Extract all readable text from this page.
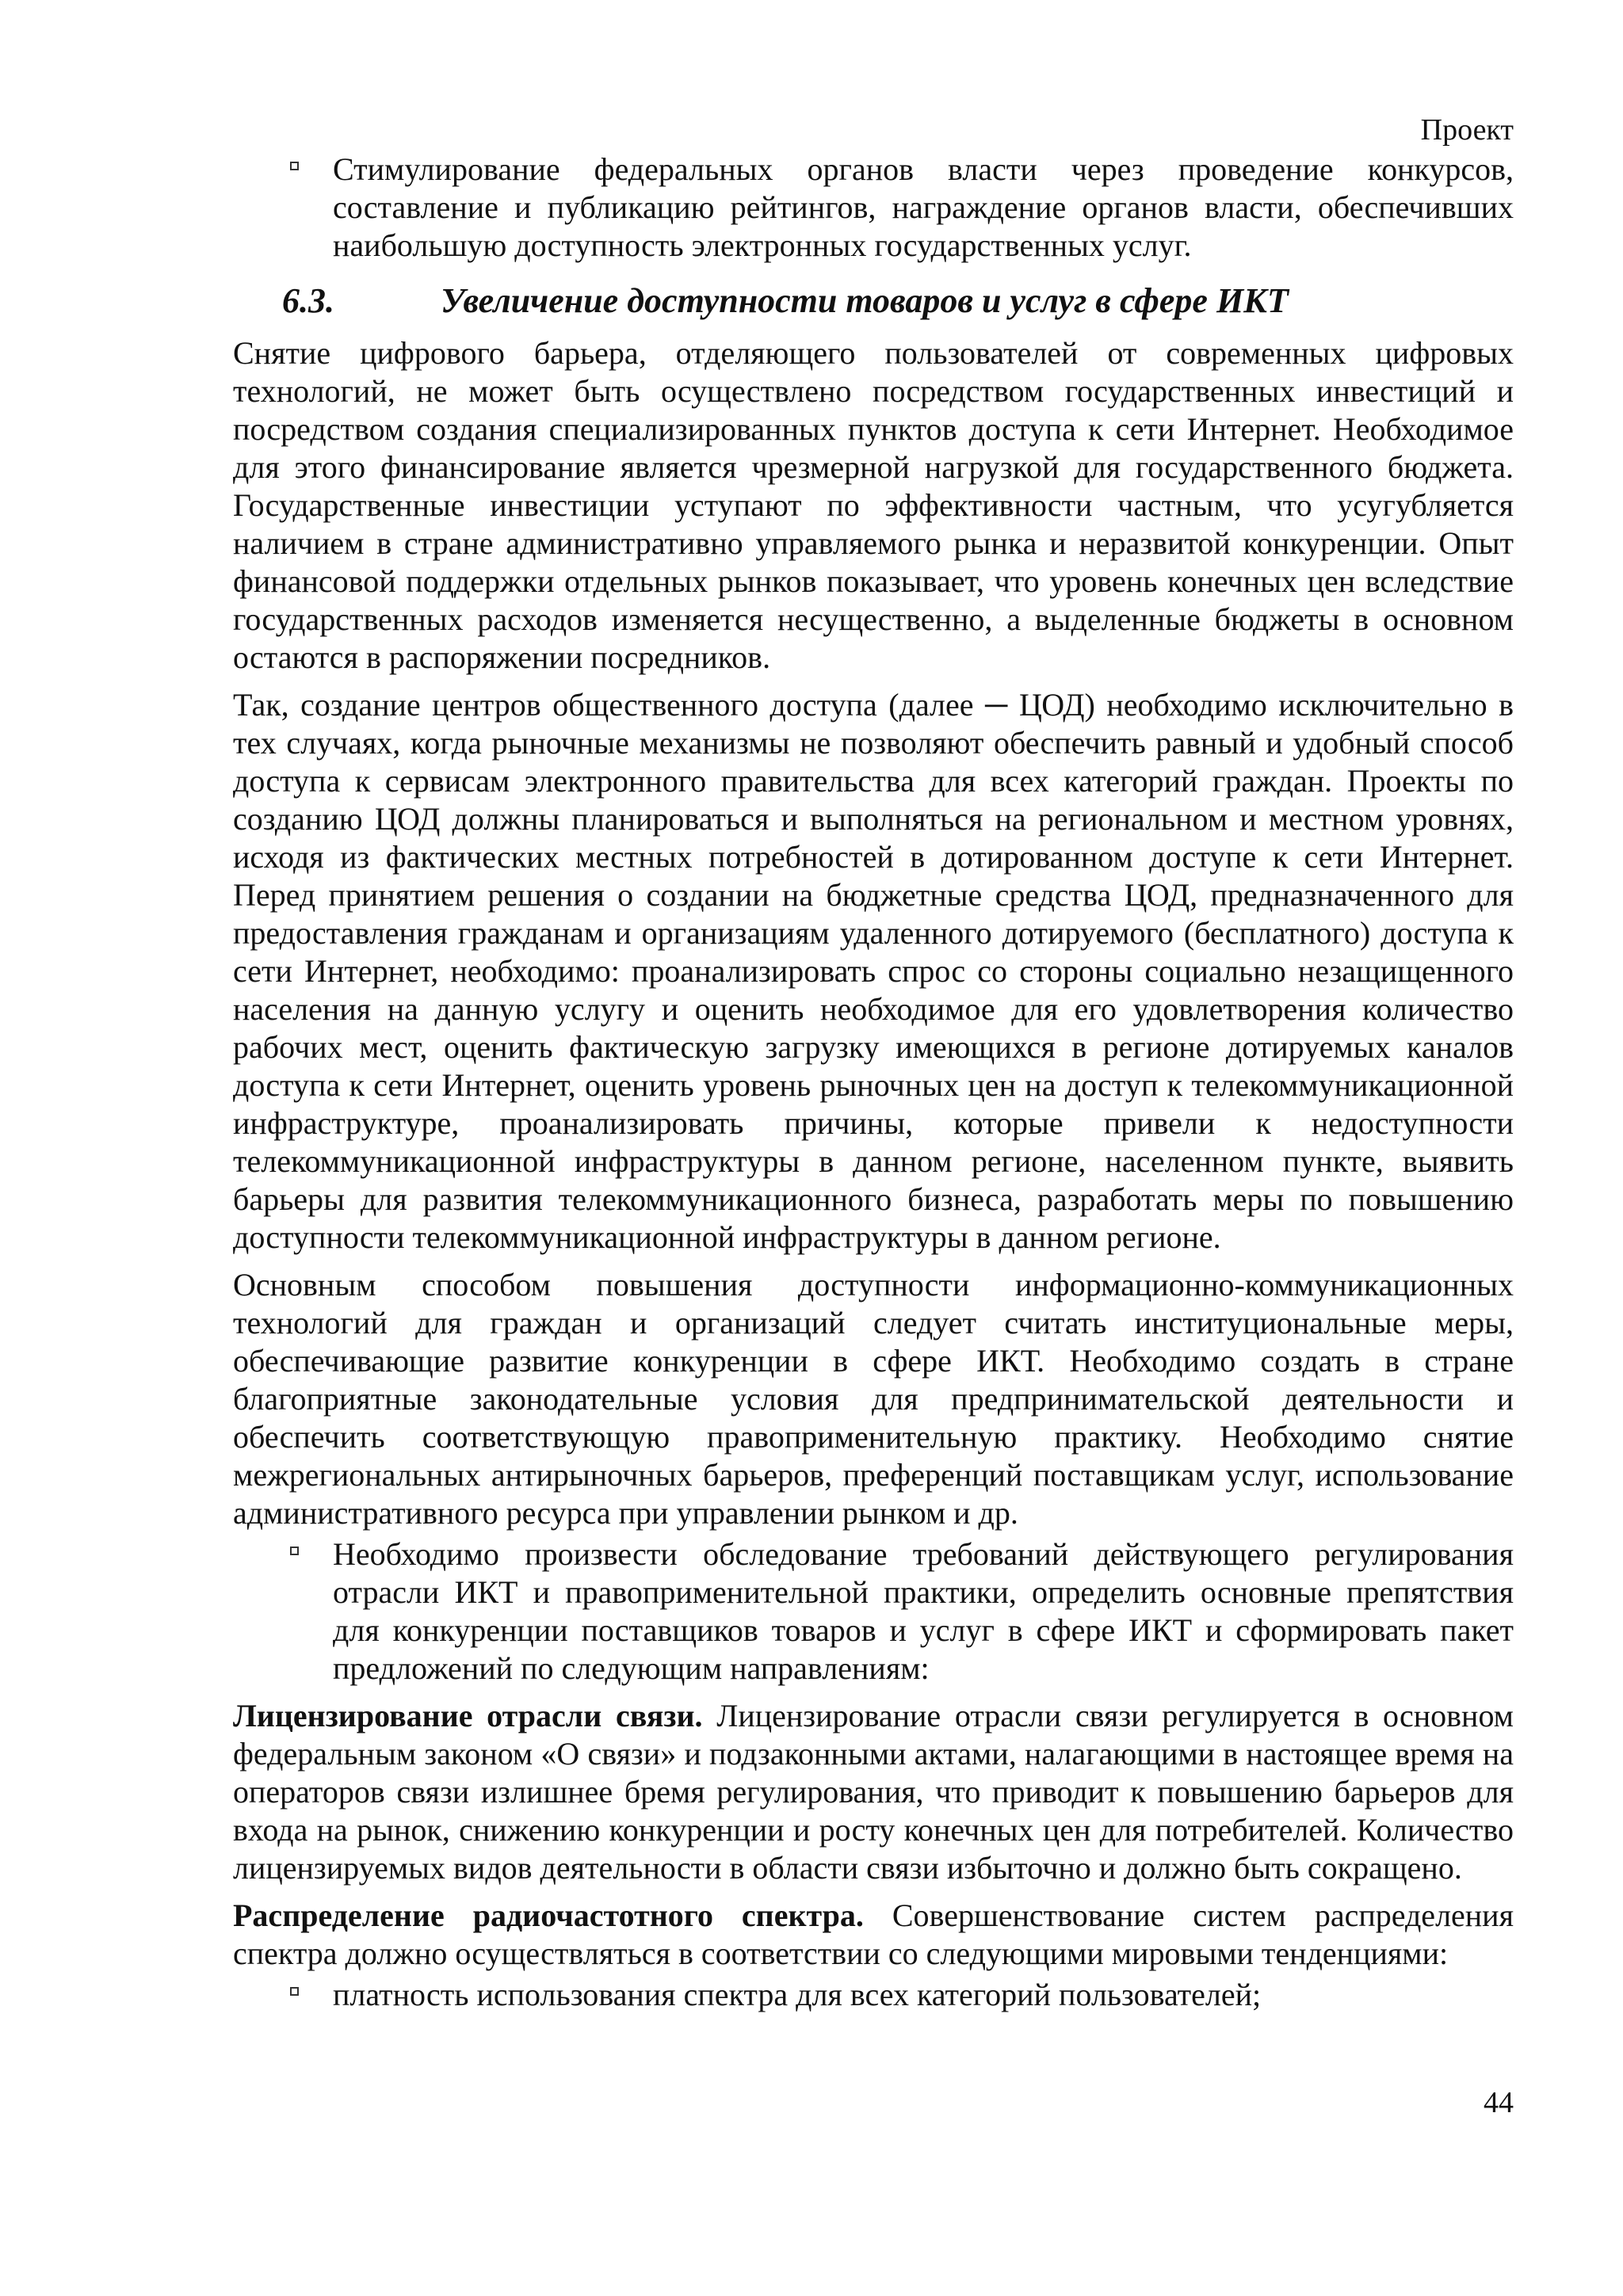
Проект
Стимулирование федеральных органов власти через проведение конкурсов, составление и публикацию рейтингов, награждение органов власти, обеспечивших наибольшую доступность электронных государственных услуг.
6.3.	Увеличение доступности товаров и услуг в сфере ИКТ

Снятие цифрового барьера, отделяющего пользователей от современных цифровых технологий, не может быть осуществлено посредством государственных инвестиций и посредством создания специализированных пунктов доступа к сети Интернет. Необходимое для этого финансирование является чрезмерной нагрузкой для государственного бюджета. Государственные инвестиции уступают по эффективности частным, что усугубляется наличием в стране административно управляемого рынка и неразвитой конкуренции. Опыт финансовой поддержки отдельных рынков показывает, что уровень конечных цен вследствие государственных расходов изменяется несущественно, а выделенные бюджеты в основном остаются в распоряжении посредников.

Так, создание центров общественного доступа (далее ─ ЦОД) необходимо исключительно в тех случаях, когда рыночные механизмы не позволяют обеспечить равный и удобный способ доступа к сервисам электронного правительства для всех категорий граждан. Проекты по созданию ЦОД должны планироваться и выполняться на региональном и местном уровнях, исходя из фактических местных потребностей в дотированном доступе к сети Интернет. Перед принятием решения о создании на бюджетные средства ЦОД, предназначенного для предоставления гражданам и организациям удаленного дотируемого (бесплатного) доступа к сети Интернет, необходимо: проанализировать спрос со стороны социально незащищенного населения на данную услугу и оценить необходимое для его удовлетворения количество рабочих мест, оценить фактическую загрузку имеющихся в регионе дотируемых каналов доступа к сети Интернет, оценить уровень рыночных цен на доступ к телекоммуникационной инфраструктуре, проанализировать причины, которые привели к недоступности телекоммуникационной инфраструктуры в данном регионе, населенном пункте, выявить барьеры для развития телекоммуникационного бизнеса, разработать меры по повышению доступности телекоммуникационной инфраструктуры в данном регионе.

Основным способом повышения доступности информационно-коммуникационных технологий для граждан и организаций следует считать институциональные меры, обеспечивающие развитие конкуренции в сфере ИКТ. Необходимо создать в стране благоприятные законодательные условия для предпринимательской деятельности и обеспечить соответствующую правоприменительную практику. Необходимо снятие межрегиональных антирыночных барьеров, преференций поставщикам услуг, использование административного ресурса при управлении рынком и др.

Необходимо произвести обследование требований действующего регулирования отрасли ИКТ и правоприменительной практики, определить основные препятствия для конкуренции поставщиков товаров и услуг в сфере ИКТ и сформировать пакет предложений по следующим направлениям:

Лицензирование отрасли связи. Лицензирование отрасли связи регулируется в основном федеральным законом «О связи» и подзаконными актами, налагающими в настоящее время на операторов связи излишнее бремя регулирования, что приводит к повышению барьеров для входа на рынок, снижению конкуренции и росту конечных цен для потребителей. Количество лицензируемых видов деятельности в области связи избыточно и должно быть сокращено.

Распределение радиочастотного спектра. Совершенствование систем распределения спектра должно осуществляться в соответствии со следующими мировыми тенденциями:

платность использования спектра для всех категорий пользователей;
44
